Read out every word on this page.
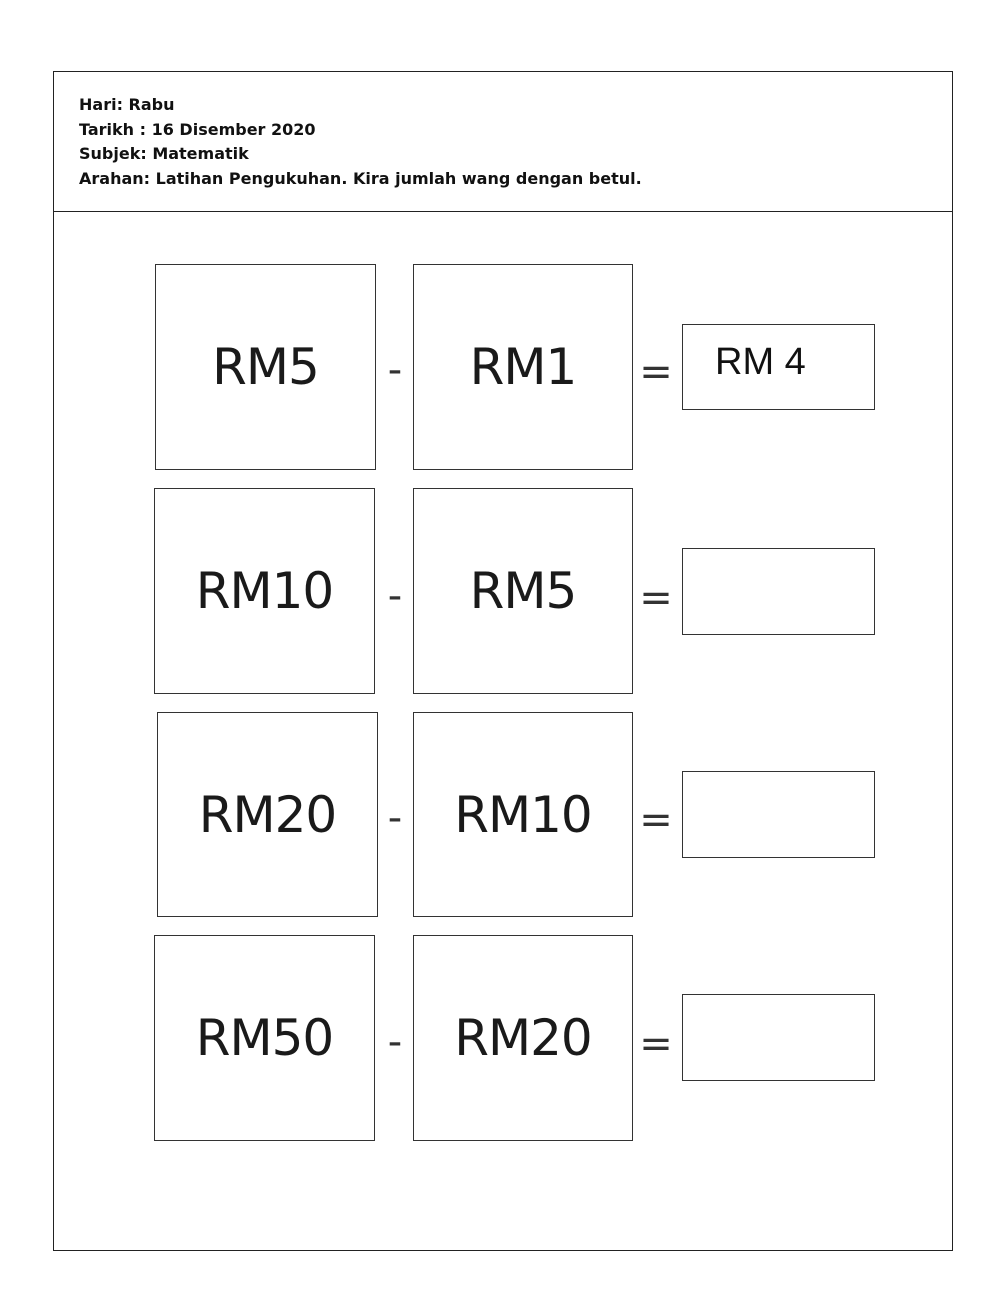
Hari: Rabu
Tarikh : 16 Disember 2020
Subjek: Matematik
Arahan: Latihan Pengukuhan. Kira jumlah wang dengan betul.
RM5	-	RM1	=	RM 4
RM10	-	RM5	=
RM20	-	RM10	=
RM50	-	RM20	=
